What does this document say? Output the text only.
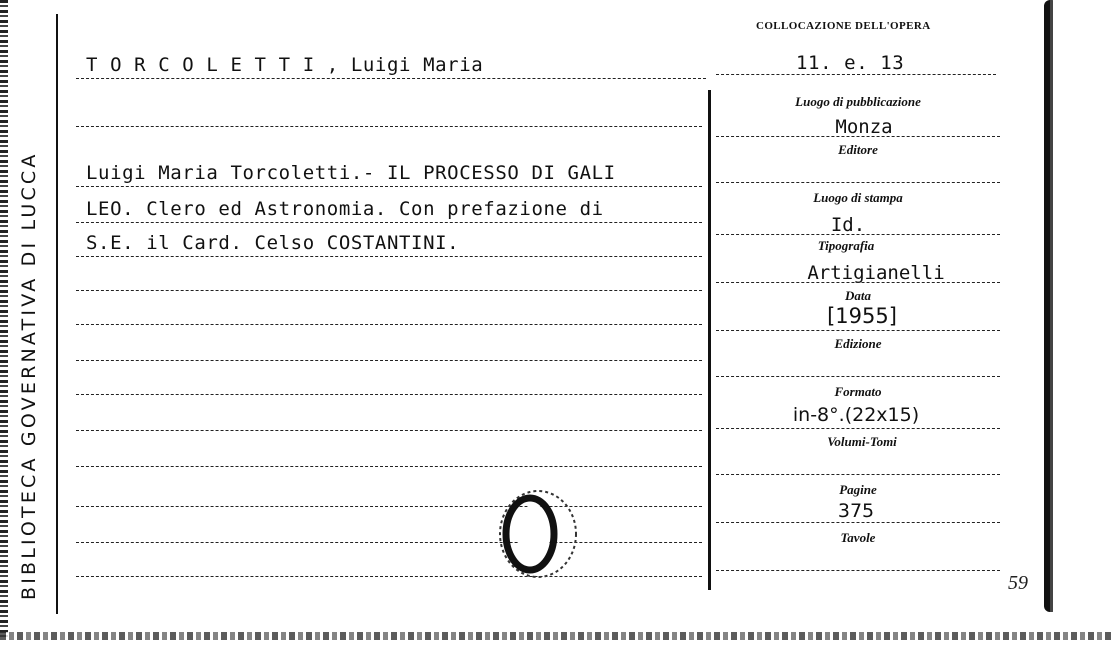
BIBLIOTECA GOVERNATIVA DI LUCCA
COLLOCAZIONE DELL'OPERA
T O R C O L E T T I , Luigi Maria	11. e. 13
Luigi Maria Torcoletti.- IL PROCESSO DI GALI
LEO. Clero ed Astronomia. Con prefazione di
S.E. il Card. Celso COSTANTINI.
Luogo di pubblicazione
Monza
Editore
Luogo di stampa
Id.
Tipografia
Artigianelli
Data
[1955]
Edizione
Formato
in-8°.(22x15)
Volumi-Tomi
Pagine
375
Tavole
59
